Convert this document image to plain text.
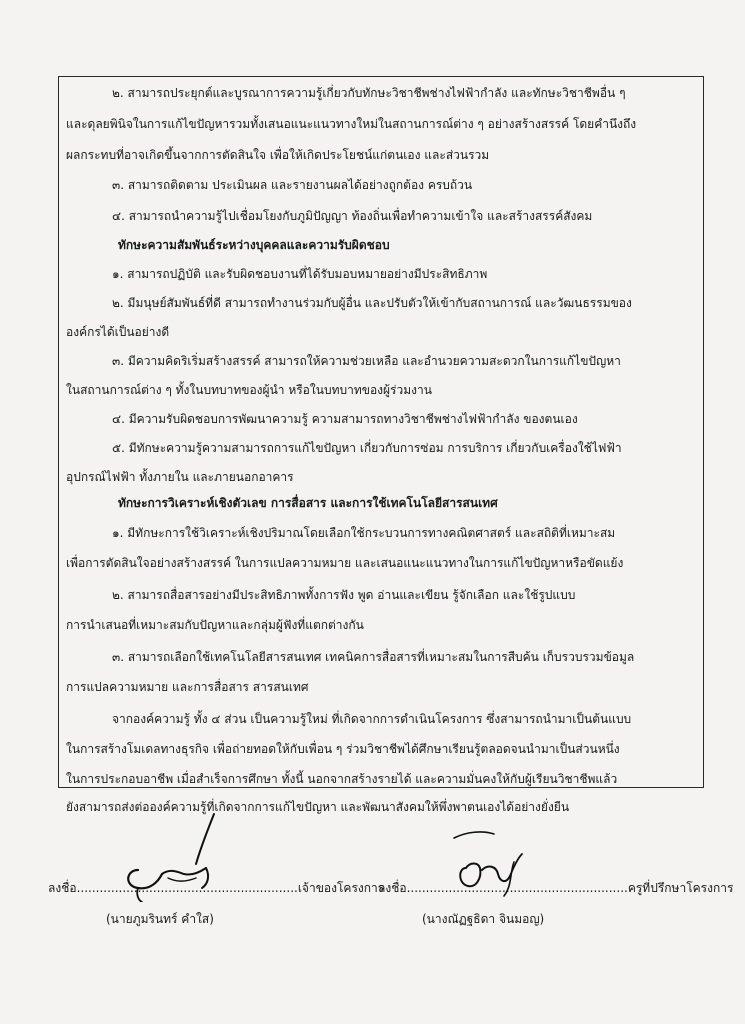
๒. สามารถประยุกต์และบูรณาการความรู้เกี่ยวกับทักษะวิชาชีพช่างไฟฟ้ากำลัง และทักษะวิชาชีพอื่น ๆ
และดุลยพินิจในการแก้ไขปัญหารวมทั้งเสนอแนะแนวทางใหม่ในสถานการณ์ต่าง ๆ อย่างสร้างสรรค์ โดยคำนึงถึง
ผลกระทบที่อาจเกิดขึ้นจากการตัดสินใจ เพื่อให้เกิดประโยชน์แก่ตนเอง และส่วนรวม
๓. สามารถติดตาม ประเมินผล และรายงานผลได้อย่างถูกต้อง ครบถ้วน
๔. สามารถนำความรู้ไปเชื่อมโยงกับภูมิปัญญา ท้องถิ่นเพื่อทำความเข้าใจ และสร้างสรรค์สังคม
ทักษะความสัมพันธ์ระหว่างบุคคลและความรับผิดชอบ
๑. สามารถปฏิบัติ และรับผิดชอบงานที่ได้รับมอบหมายอย่างมีประสิทธิภาพ
๒. มีมนุษย์สัมพันธ์ที่ดี สามารถทำงานร่วมกับผู้อื่น และปรับตัวให้เข้ากับสถานการณ์ และวัฒนธรรมของ
องค์กรได้เป็นอย่างดี
๓. มีความคิดริเริ่มสร้างสรรค์ สามารถให้ความช่วยเหลือ และอำนวยความสะดวกในการแก้ไขปัญหา
ในสถานการณ์ต่าง ๆ ทั้งในบทบาทของผู้นำ หรือในบทบาทของผู้ร่วมงาน
๔. มีความรับผิดชอบการพัฒนาความรู้ ความสามารถทางวิชาชีพช่างไฟฟ้ากำลัง ของตนเอง
๕. มีทักษะความรู้ความสามารถการแก้ไขปัญหา เกี่ยวกับการซ่อม การบริการ เกี่ยวกับเครื่องใช้ไฟฟ้า
อุปกรณ์ไฟฟ้า ทั้งภายใน และภายนอกอาคาร
ทักษะการวิเคราะห์เชิงตัวเลข การสื่อสาร และการใช้เทคโนโลยีสารสนเทศ
๑. มีทักษะการใช้วิเคราะห์เชิงปริมาณโดยเลือกใช้กระบวนการทางคณิตศาสตร์ และสถิติที่เหมาะสม
เพื่อการตัดสินใจอย่างสร้างสรรค์ ในการแปลความหมาย และเสนอแนะแนวทางในการแก้ไขปัญหาหรือขัดแย้ง
๒. สามารถสื่อสารอย่างมีประสิทธิภาพทั้งการฟัง พูด อ่านและเขียน รู้จักเลือก และใช้รูปแบบ
การนำเสนอที่เหมาะสมกับปัญหาและกลุ่มผู้ฟังที่แตกต่างกัน
๓. สามารถเลือกใช้เทคโนโลยีสารสนเทศ เทคนิคการสื่อสารที่เหมาะสมในการสืบค้น เก็บรวบรวมข้อมูล
การแปลความหมาย และการสื่อสาร สารสนเทศ
จากองค์ความรู้ ทั้ง ๔ ส่วน เป็นความรู้ใหม่ ที่เกิดจากการดำเนินโครงการ ซึ่งสามารถนำมาเป็นต้นแบบ
ในการสร้างโมเดลทางธุรกิจ เพื่อถ่ายทอดให้กับเพื่อน ๆ ร่วมวิชาชีพได้ศึกษาเรียนรู้ตลอดจนนำมาเป็นส่วนหนึ่ง
ในการประกอบอาชีพ เมื่อสำเร็จการศึกษา ทั้งนี้ นอกจากสร้างรายได้ และความมั่นคงให้กับผู้เรียนวิชาชีพแล้ว
ยังสามารถส่งต่อองค์ความรู้ที่เกิดจากการแก้ไขปัญหา และพัฒนาสังคมให้พึ่งพาตนเองได้อย่างยั่งยืน
ลงชื่อ..........................................................เจ้าของโครงการ
(นายภูมรินทร์ คำใส)
ลงชื่อ..........................................................ครูที่ปรึกษาโครงการ
(นางณัฏฐธิดา จินมอญ)
